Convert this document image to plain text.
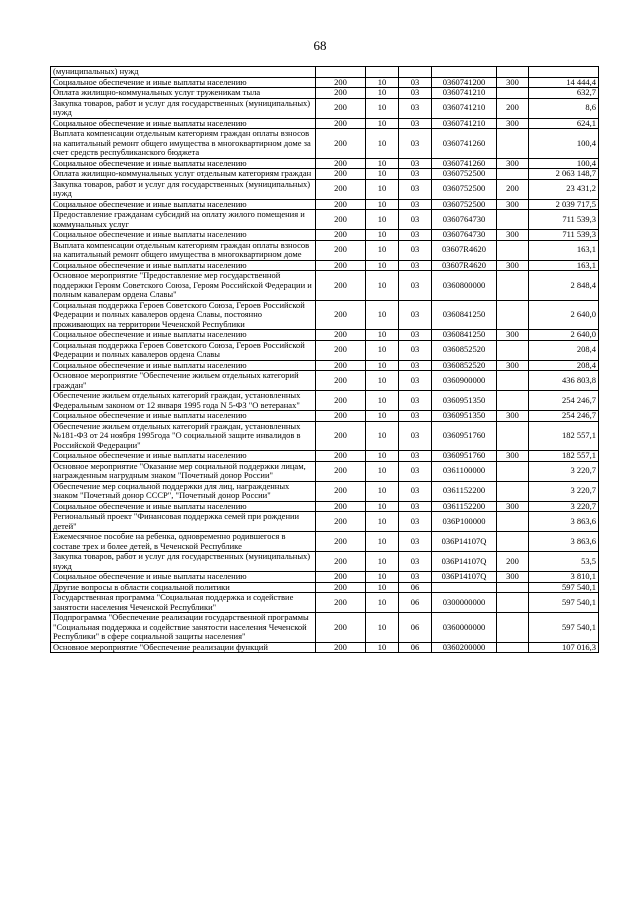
68
(муниципальных) нужд						
Социальное обеспечение и иные выплаты населению	200	10	03	0360741200	300	14 444,4
Оплата жилищно-коммунальных услуг труженикам тыла	200	10	03	0360741210		632,7
Закупка товаров, работ и услуг для государственных (муниципальных) нужд	200	10	03	0360741210	200	8,6
Социальное обеспечение и иные выплаты населению	200	10	03	0360741210	300	624,1
Выплата компенсации отдельным категориям граждан оплаты взносов на капитальный ремонт общего имущества в многоквартирном доме за счет средств республиканского бюджета	200	10	03	0360741260		100,4
Социальное обеспечение и иные выплаты населению	200	10	03	0360741260	300	100,4
Оплата жилищно-коммунальных услуг отдельным категориям граждан	200	10	03	0360752500		2 063 148,7
Закупка товаров, работ и услуг для государственных (муниципальных) нужд	200	10	03	0360752500	200	23 431,2
Социальное обеспечение и иные выплаты населению	200	10	03	0360752500	300	2 039 717,5
Предоставление гражданам субсидий на оплату жилого помещения и коммунальных услуг	200	10	03	0360764730		711 539,3
Социальное обеспечение и иные выплаты населению	200	10	03	0360764730	300	711 539,3
Выплата компенсации отдельным категориям граждан оплаты взносов на капитальный ремонт общего имущества в многоквартирном доме	200	10	03	03607R4620		163,1
Социальное обеспечение и иные выплаты населению	200	10	03	03607R4620	300	163,1
Основное мероприятие "Предоставление мер государственной поддержки Героям Советского Союза, Героям Российской Федерации и полным кавалерам ордена Славы"	200	10	03	0360800000		2 848,4
Социальная поддержка Героев Советского Союза, Героев Российской Федерации и полных кавалеров ордена Славы, постоянно проживающих на территории Чеченской Республики	200	10	03	0360841250		2 640,0
Социальное обеспечение и иные выплаты населению	200	10	03	0360841250	300	2 640,0
Социальная поддержка Героев Советского Союза, Героев Российской Федерации и полных кавалеров ордена Славы	200	10	03	0360852520		208,4
Социальное обеспечение и иные выплаты населению	200	10	03	0360852520	300	208,4
Основное мероприятие "Обеспечение жильем отдельных категорий граждан"	200	10	03	0360900000		436 803,8
Обеспечение жильем отдельных категорий граждан, установленных Федеральным законом от 12 января 1995 года N 5-ФЗ "О ветеранах"	200	10	03	0360951350		254 246,7
Социальное обеспечение и иные выплаты населению	200	10	03	0360951350	300	254 246,7
Обеспечение жильем отдельных категорий граждан, установленных №181-ФЗ от 24 ноября 1995года "О социальной защите инвалидов в Российской Федерации"	200	10	03	0360951760		182 557,1
Социальное обеспечение и иные выплаты населению	200	10	03	0360951760	300	182 557,1
Основное мероприятие "Оказание мер социальной поддержки лицам, награжденным нагрудным знаком "Почетный донор России"	200	10	03	0361100000		3 220,7
Обеспечение мер социальной поддержки для лиц, награжденных знаком "Почетный донор СССР", "Почетный донор России"	200	10	03	0361152200		3 220,7
Социальное обеспечение и иные выплаты населению	200	10	03	0361152200	300	3 220,7
Региональный проект "Финансовая поддержка семей при рождении детей"	200	10	03	036P100000		3 863,6
Ежемесячное пособие на ребенка, одновременно родившегося в составе трех и более детей, в Чеченской Республике	200	10	03	036P14107Q		3 863,6
Закупка товаров, работ и услуг для государственных (муниципальных) нужд	200	10	03	036P14107Q	200	53,5
Социальное обеспечение и иные выплаты населению	200	10	03	036P14107Q	300	3 810,1
Другие вопросы в области социальной политики	200	10	06			597 540,1
Государственная программа "Социальная поддержка и содействие занятости населения Чеченской Республики"	200	10	06	0300000000		597 540,1
Подпрограмма "Обеспечение реализации государственной программы "Социальная поддержка и содействие занятости населения Чеченской Республики" в сфере социальной защиты населения"	200	10	06	0360000000		597 540,1
Основное мероприятие "Обеспечение реализации функций	200	10	06	0360200000		107 016,3
